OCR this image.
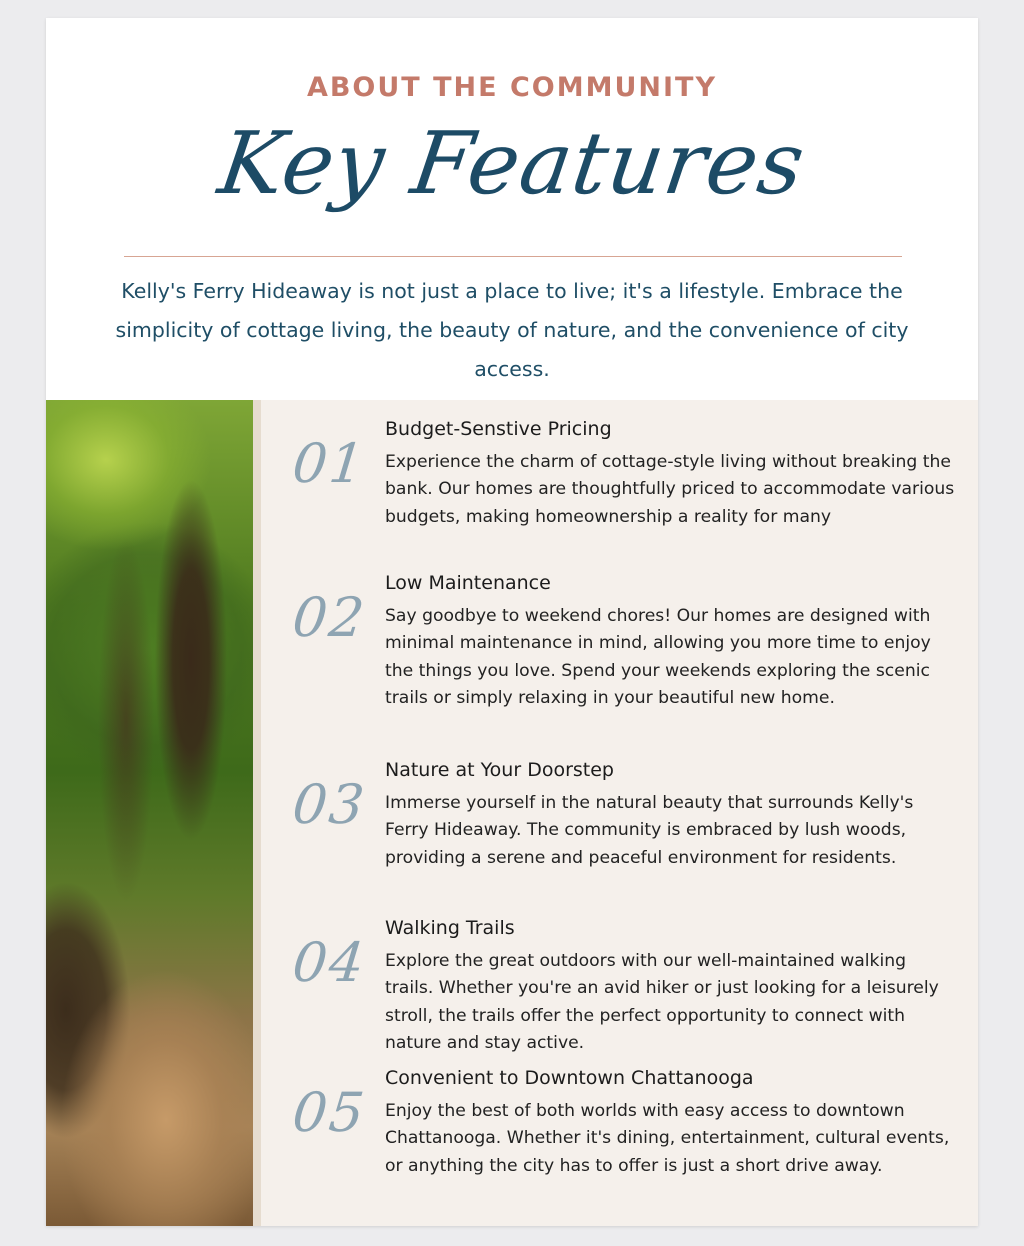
ABOUT THE COMMUNITY
Key Features
Kelly's Ferry Hideaway is not just a place to live; it's a lifestyle. Embrace the simplicity of cottage living, the beauty of nature, and the convenience of city access.
01
Budget-Senstive Pricing
Experience the charm of cottage-style living without breaking the bank. Our homes are thoughtfully priced to accommodate various budgets, making homeownership a reality for many
02
Low Maintenance
Say goodbye to weekend chores! Our homes are designed with minimal maintenance in mind, allowing you more time to enjoy the things you love. Spend your weekends exploring the scenic trails or simply relaxing in your beautiful new home.
03
Nature at Your Doorstep
Immerse yourself in the natural beauty that surrounds Kelly's Ferry Hideaway. The community is embraced by lush woods, providing a serene and peaceful environment for residents.
04
Walking Trails
Explore the great outdoors with our well-maintained walking trails. Whether you're an avid hiker or just looking for a leisurely stroll, the trails offer the perfect opportunity to connect with nature and stay active.
05
Convenient to Downtown Chattanooga
Enjoy the best of both worlds with easy access to downtown Chattanooga. Whether it's dining, entertainment, cultural events, or anything the city has to offer is just a short drive away.
